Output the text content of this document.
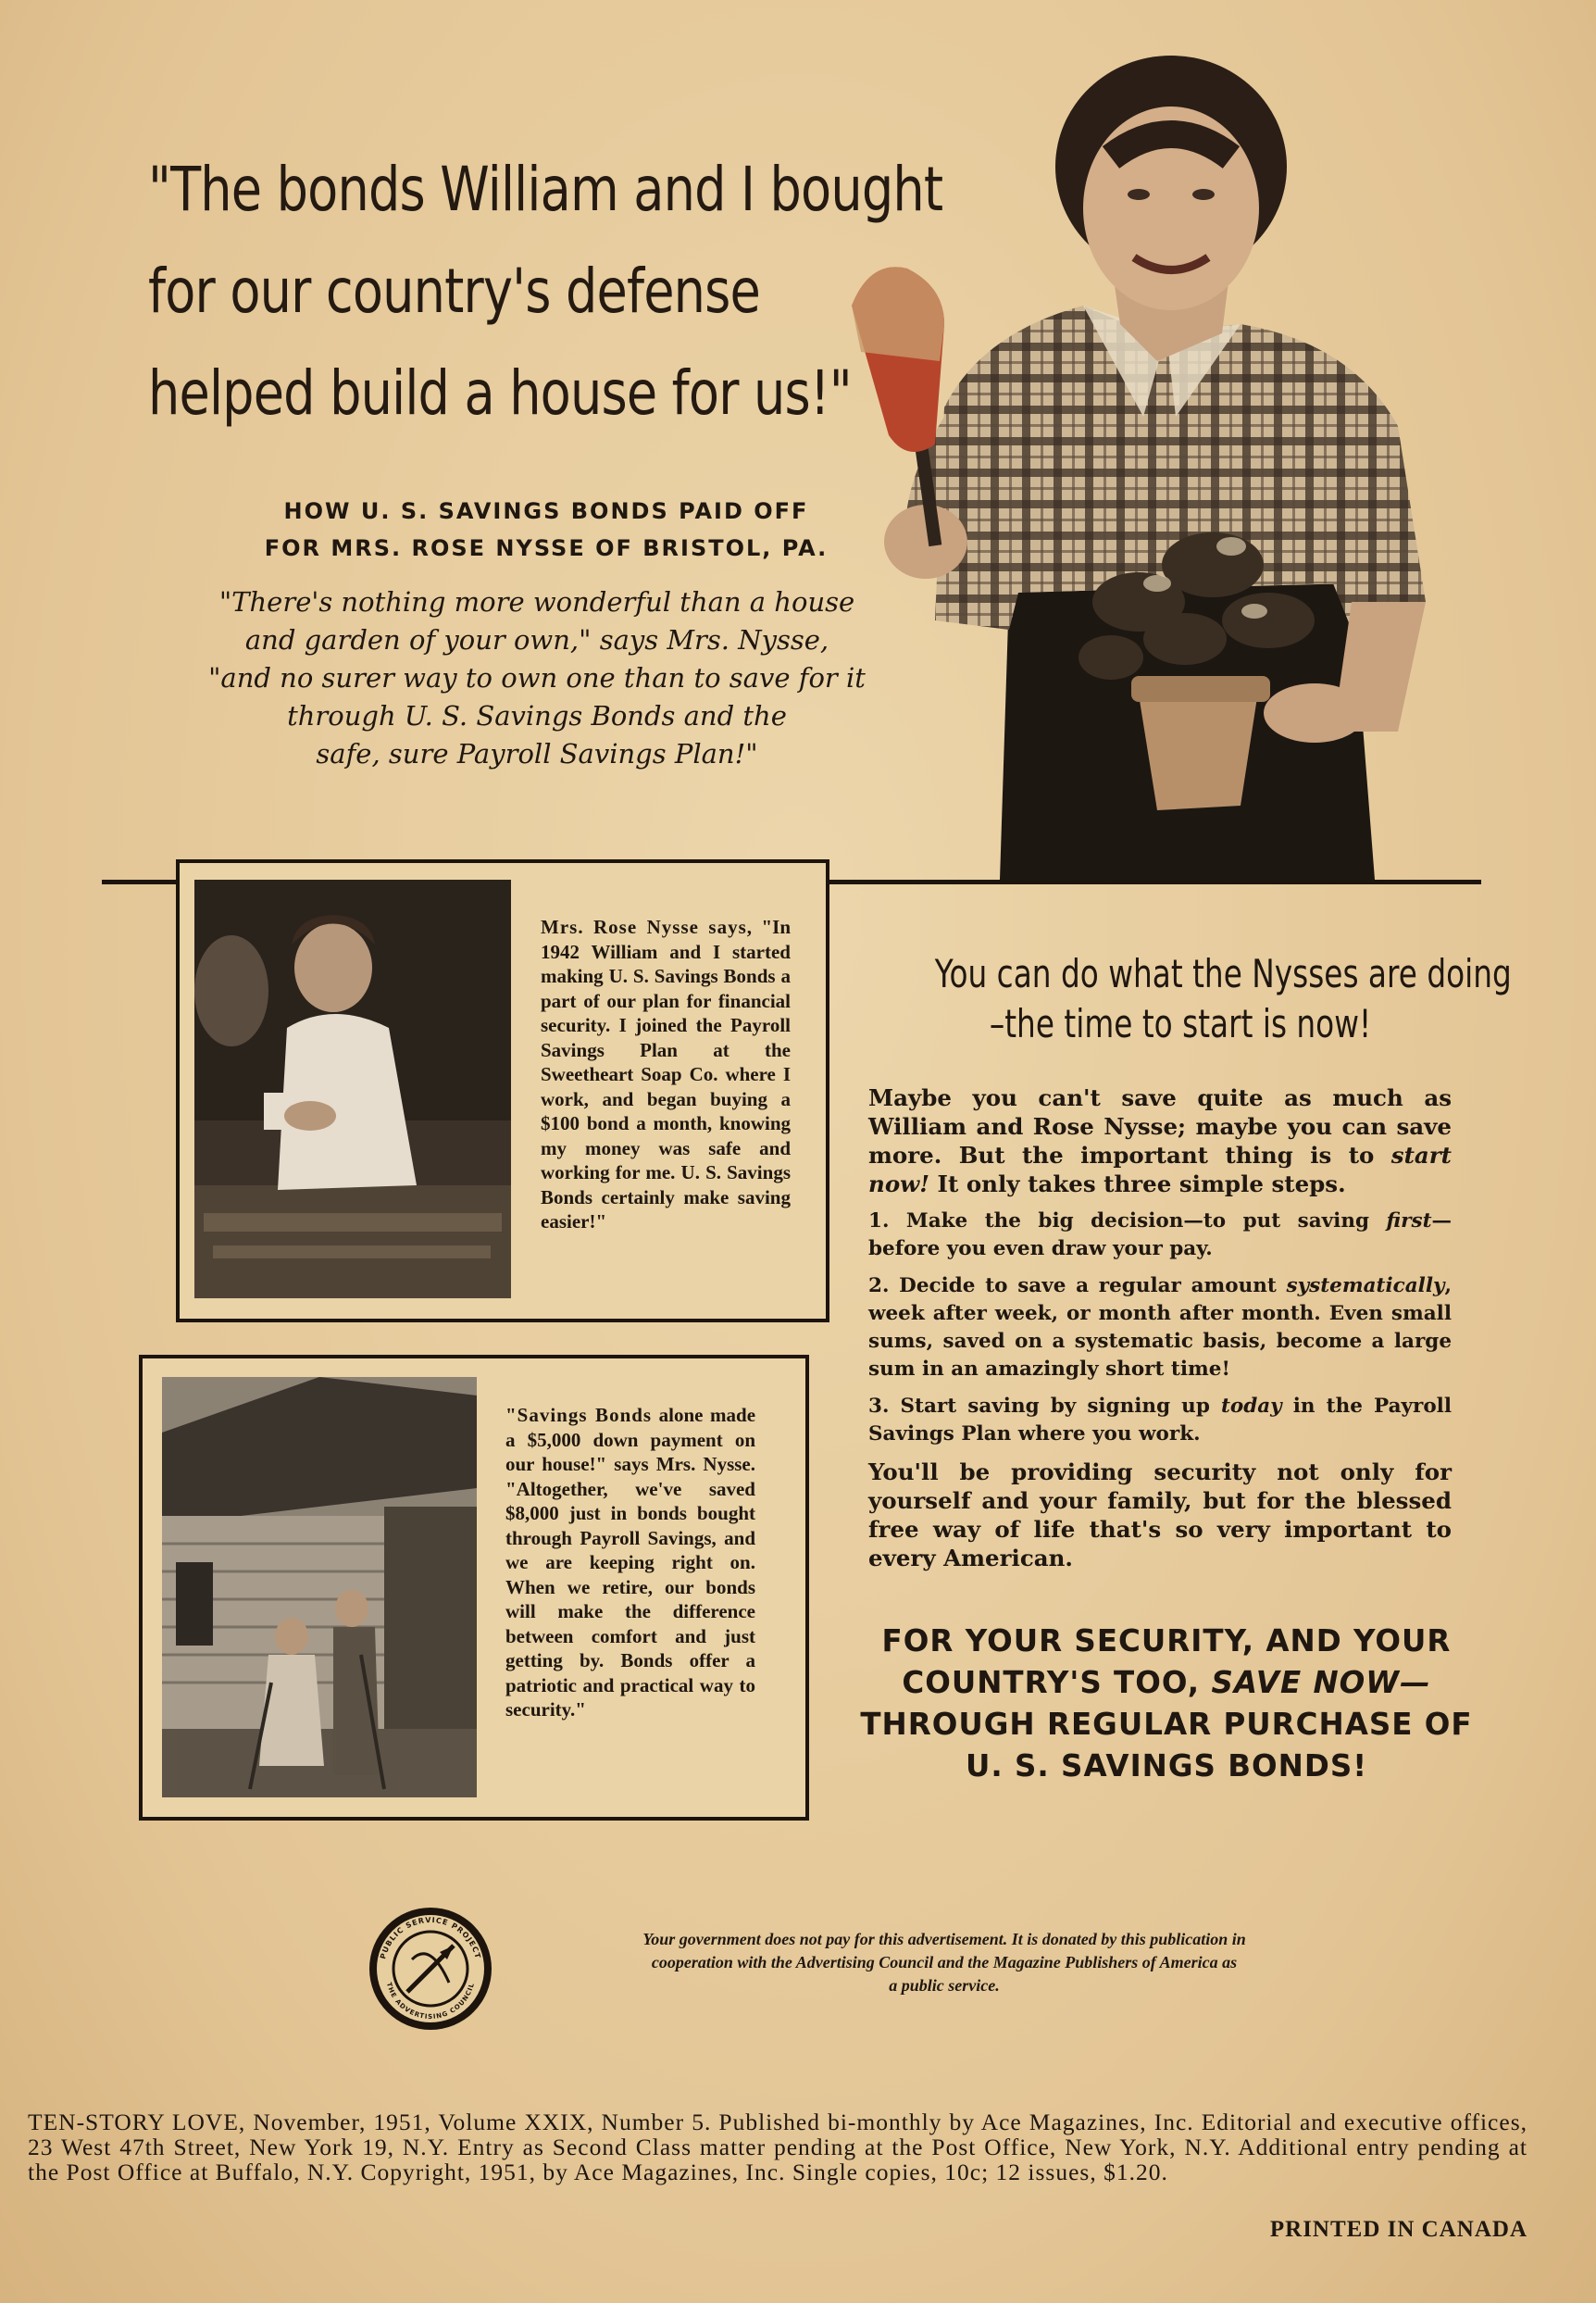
"The bonds William and I bought
for our country's defense
helped build a house for us!"
HOW U. S. SAVINGS BONDS PAID OFF
FOR MRS. ROSE NYSSE OF BRISTOL, PA.
"There's nothing more wonderful than a house
and garden of your own," says Mrs. Nysse,
"and no surer way to own one than to save for it
through U. S. Savings Bonds and the
safe, sure Payroll Savings Plan!"
Mrs. Rose Nysse says, "In 1942 William and I started making U. S. Savings Bonds a part of our plan for financial security. I joined the Payroll Savings Plan at the Sweetheart Soap Co. where I work, and began buying a $100 bond a month, knowing my money was safe and working for me. U. S. Savings Bonds certainly make saving easier!"
"Savings Bonds alone made a $5,000 down payment on our house!" says Mrs. Nysse. "Altogether, we've saved $8,000 just in bonds bought through Payroll Savings, and we are keeping right on. When we retire, our bonds will make the difference between comfort and just getting by. Bonds offer a patriotic and practical way to security."
You can do what the Nysses are doing
–the time to start is now!

Maybe you can't save quite as much as William and Rose Nysse; maybe you can save more. But the important thing is to start now! It only takes three simple steps.

1. Make the big decision—to put saving first— before you even draw your pay.

2. Decide to save a regular amount systematically, week after week, or month after month. Even small sums, saved on a systematic basis, become a large sum in an amazingly short time!

3. Start saving by signing up today in the Payroll Savings Plan where you work.

You'll be providing security not only for yourself and your family, but for the blessed free way of life that's so very important to every American.

FOR YOUR SECURITY, AND YOUR
COUNTRY'S TOO, SAVE NOW—
THROUGH REGULAR PURCHASE OF
U. S. SAVINGS BONDS!
PUBLIC SERVICE PROJECT
THE ADVERTISING COUNCIL
Your government does not pay for this advertisement. It is donated by this publication in
cooperation with the Advertising Council and the Magazine Publishers of America as
a public service.
TEN-STORY LOVE, November, 1951, Volume XXIX, Number 5. Published bi-monthly by Ace Magazines, Inc. Editorial and executive offices, 23 West 47th Street, New York 19, N.Y. Entry as Second Class matter pending at the Post Office, New York, N.Y. Additional entry pending at the Post Office at Buffalo, N.Y. Copyright, 1951, by Ace Magazines, Inc. Single copies, 10c; 12 issues, $1.20.
PRINTED IN CANADA
